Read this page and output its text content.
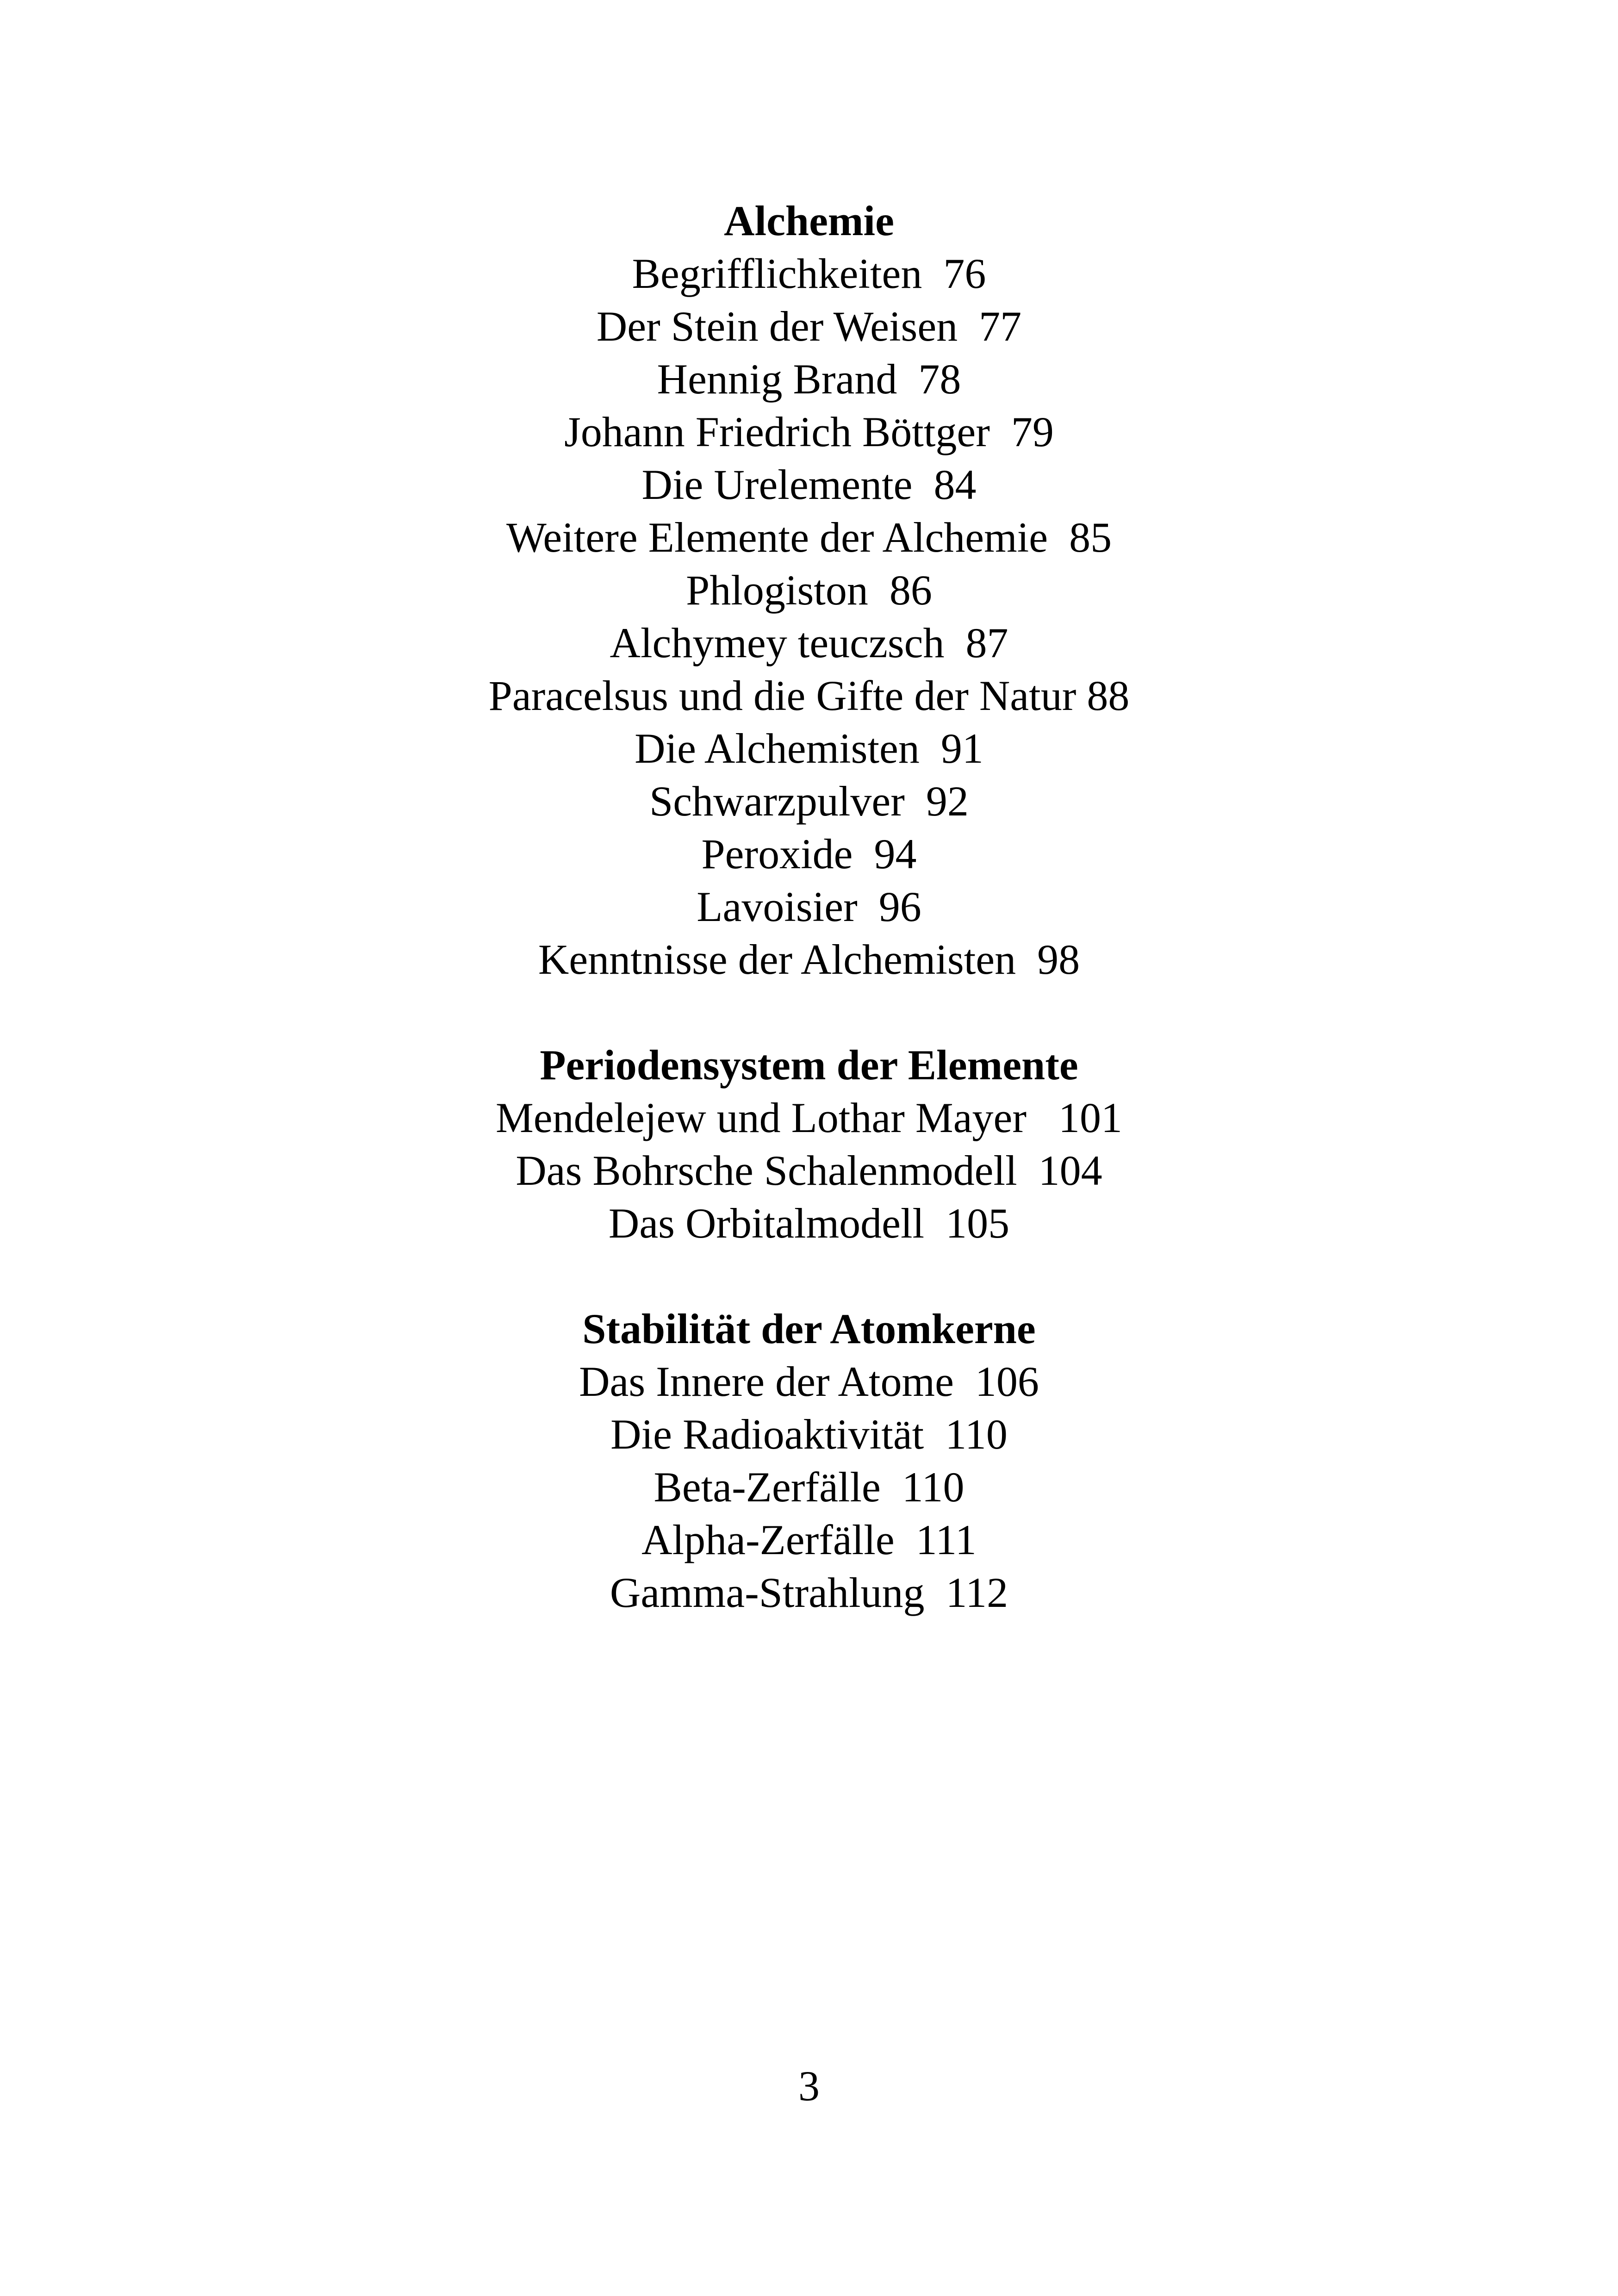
Alchemie
Begrifflichkeiten  76
Der Stein der Weisen  77
Hennig Brand  78
Johann Friedrich Böttger  79
Die Urelemente  84
Weitere Elemente der Alchemie  85
Phlogiston  86
Alchymey teuczsch  87
Paracelsus und die Gifte der Natur 88
Die Alchemisten  91
Schwarzpulver  92
Peroxide  94
Lavoisier  96
Kenntnisse der Alchemisten  98
Periodensystem der Elemente
Mendelejew und Lothar Mayer   101
Das Bohrsche Schalenmodell  104
Das Orbitalmodell  105
Stabilität der Atomkerne
Das Innere der Atome  106
Die Radioaktivität  110
Beta-Zerfälle  110
Alpha-Zerfälle  111
Gamma-Strahlung  112
3
